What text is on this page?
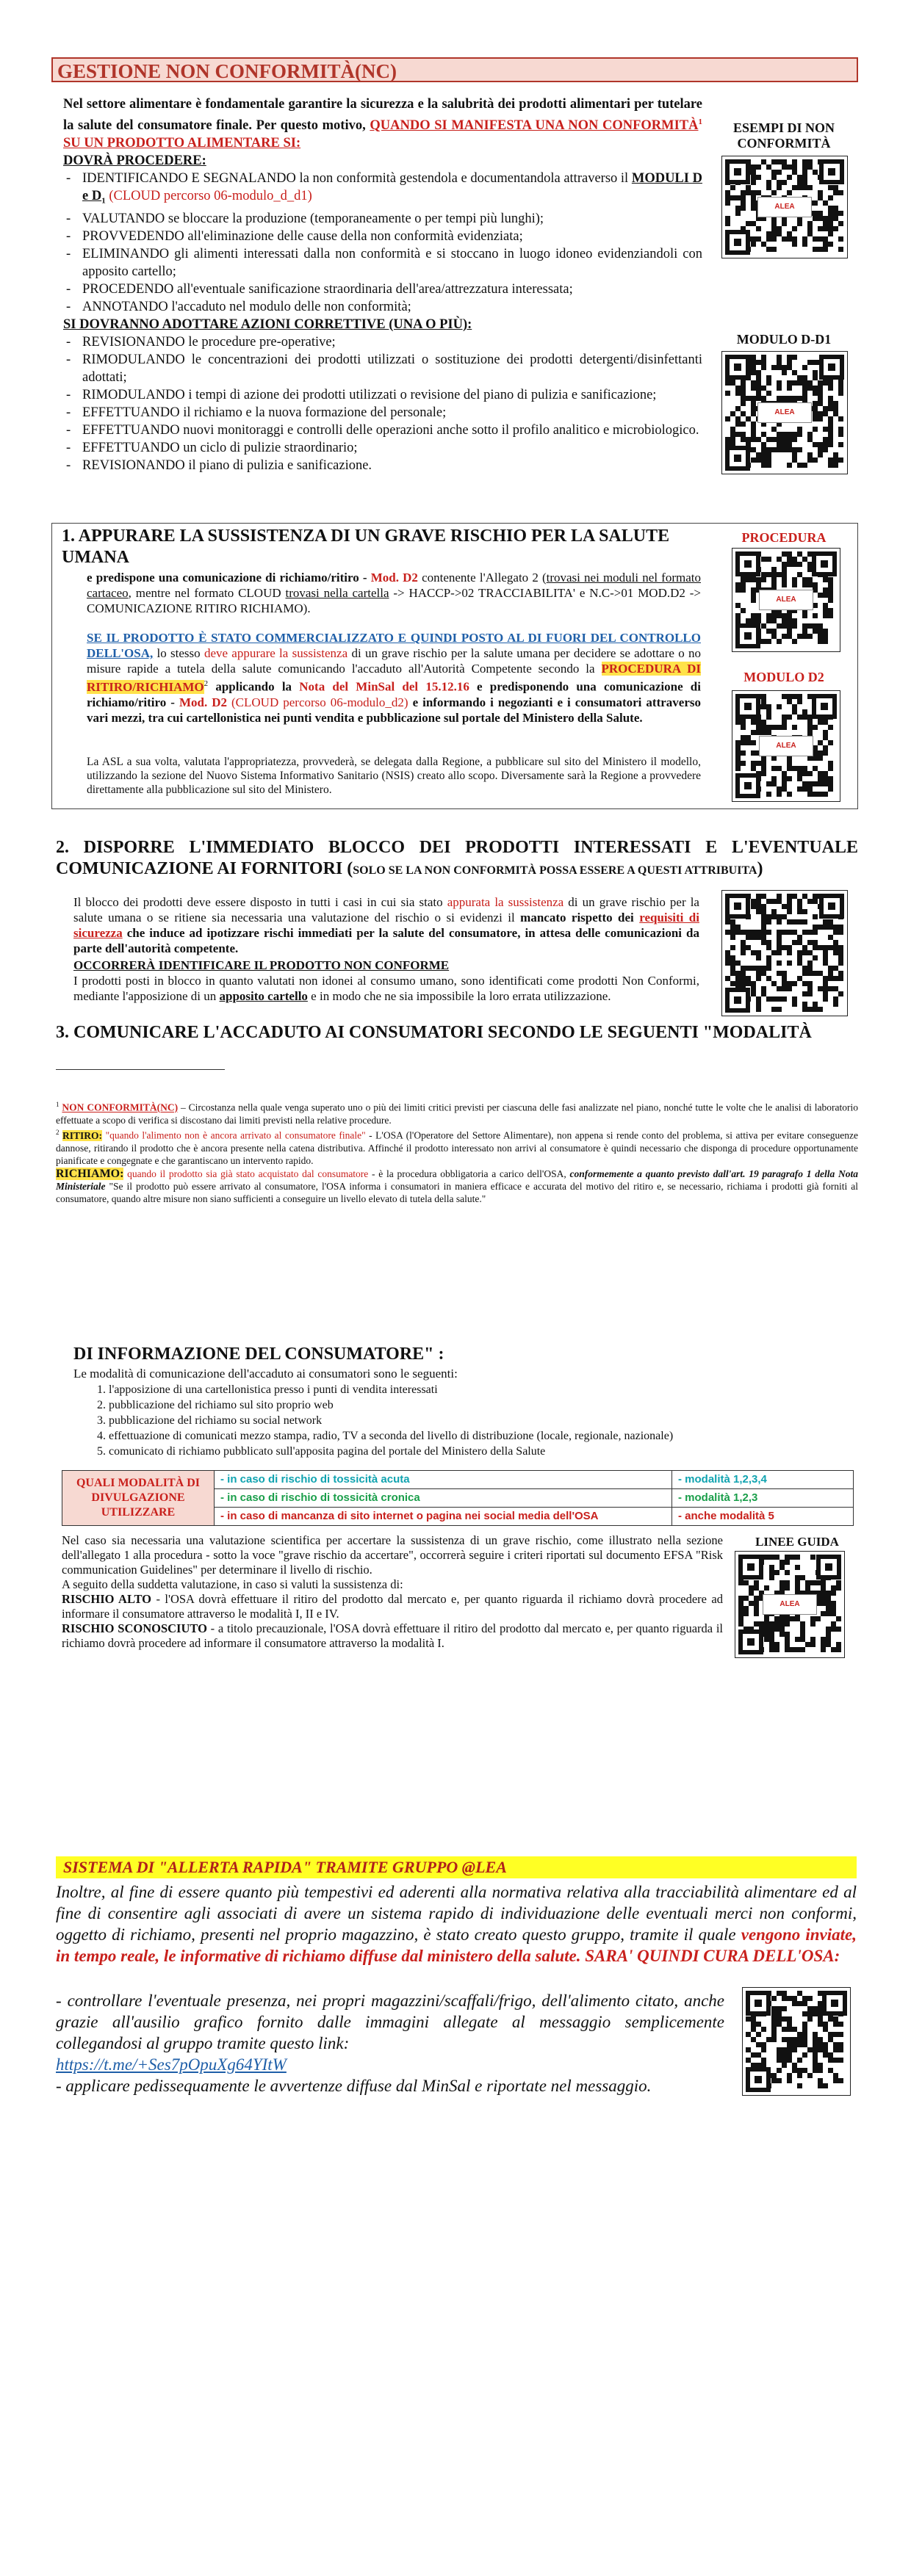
GESTIONE NON CONFORMITÀ(NC)

Nel settore alimentare è fondamentale garantire la sicurezza e la salubrità dei prodotti alimentari per tutelare la salute del consumatore finale. Per questo motivo, QUANDO SI MANIFESTA UNA NON CONFORMITÀ$^1$ SU UN PRODOTTO ALIMENTARE SI:

DOVRÀ PROCEDERE:

- IDENTIFICANDO E SEGNALANDO la non conformità gestendola e documentandola attraverso il MODULI D e $D_1$ (CLOUD percorso 06-modulo_d_d1)
- VALUTANDO se bloccare la produzione (temporaneamente o per tempi più lunghi);
- PROVVEDENDO all'eliminazione delle cause della non conformità evidenziata;
- ELIMINANDO gli alimenti interessati dalla non conformità e si stoccano in luogo idoneo evidenziandoli con apposito cartello;
- PROCEDENDO all'eventuale sanificazione straordinaria dell'area/attrezzatura interessata;
- ANNOTANDO l'accaduto nel modulo delle non conformità;

SI DOVRANNO ADOTTARE AZIONI CORRETTIVE (UNA O PIÙ):

- REVISIONANDO le procedure pre-operative;
- RIMODULANDO le concentrazioni dei prodotti utilizzati o sostituzione dei prodotti detergenti/disinfettanti adottati;
- RIMODULANDO i tempi di azione dei prodotti utilizzati o revisione del piano di pulizia e sanificazione;
- EFFETTUANDO il richiamo e la nuova formazione del personale;
- EFFETTUANDO nuovi monitoraggi e controlli delle operazioni anche sotto il profilo analitico e microbiologico.
- EFFETTUANDO un ciclo di pulizie straordinario;
- REVISIONANDO il piano di pulizia e sanificazione.
ESEMPI DI NON CONFORMITÀ
ALEA
MODULO D-D1
ALEA
1. APPURARE LA SUSSISTENZA DI UN GRAVE RISCHIO PER LA SALUTE UMANA
e predispone una comunicazione di richiamo/ritiro - Mod. D2 contenente l'Allegato 2 (trovasi nei moduli nel formato cartaceo, mentre nel formato CLOUD trovasi nella cartella -> HACCP->02 TRACCIABILITA' e N.C->01 MOD.D2 -> COMUNICAZIONE RITIRO RICHIAMO).
SE IL PRODOTTO È STATO COMMERCIALIZZATO E QUINDI POSTO AL DI FUORI DEL CONTROLLO DELL'OSA, lo stesso deve appurare la sussistenza di un grave rischio per la salute umana per decidere se adottare o no misure rapide a tutela della salute comunicando l'accaduto all'Autorità Competente secondo la PROCEDURA DI RITIRO/RICHIAMO$^2$ applicando la Nota del MinSal del 15.12.16 e predisponendo una comunicazione di richiamo/ritiro - Mod. D2 (CLOUD percorso 06-modulo_d2) e informando i negozianti e i consumatori attraverso vari mezzi, tra cui cartellonistica nei punti vendita e pubblicazione sul portale del Ministero della Salute.
La ASL a sua volta, valutata l'appropriatezza, provvederà, se delegata dalla Regione, a pubblicare sul sito del Ministero il modello, utilizzando la sezione del Nuovo Sistema Informativo Sanitario (NSIS) creato allo scopo. Diversamente sarà la Regione a provvedere direttamente alla pubblicazione sul sito del Ministero.
PROCEDURA
ALEA
MODULO D2
ALEA
2. DISPORRE L'IMMEDIATO BLOCCO DEI PRODOTTI INTERESSATI E L'EVENTUALE COMUNICAZIONE AI FORNITORI (SOLO SE LA NON CONFORMITÀ POSSA ESSERE A QUESTI ATTRIBUITA)
Il blocco dei prodotti deve essere disposto in tutti i casi in cui sia stato appurata la sussistenza di un grave rischio per la salute umana o se ritiene sia necessaria una valutazione del rischio o si evidenzi il mancato rispetto dei requisiti di sicurezza che induce ad ipotizzare rischi immediati per la salute del consumatore, in attesa delle comunicazioni da parte dell'autorità competente.
OCCORRERÀ IDENTIFICARE IL PRODOTTO NON CONFORME
I prodotti posti in blocco in quanto valutati non idonei al consumo umano, sono identificati come prodotti Non Conformi, mediante l'apposizione di un apposito cartello e in modo che ne sia impossibile la loro errata utilizzazione.
3. COMUNICARE L'ACCADUTO AI CONSUMATORI SECONDO LE SEGUENTI "MODALITÀ
$^1$ NON CONFORMITÀ(NC) – Circostanza nella quale venga superato uno o più dei limiti critici previsti per ciascuna delle fasi analizzate nel piano, nonché tutte le volte che le analisi di laboratorio effettuate a scopo di verifica si discostano dai limiti previsti nella relative procedure.
$^2$ RITIRO: "quando l'alimento non è ancora arrivato al consumatore finale" - L'OSA (l'Operatore del Settore Alimentare), non appena si rende conto del problema, si attiva per evitare conseguenze dannose, ritirando il prodotto che è ancora presente nella catena distributiva. Affinché il prodotto interessato non arrivi al consumatore è quindi necessario che disponga di procedure opportunamente pianificate e congegnate e che garantiscano un intervento rapido.
RICHIAMO: quando il prodotto sia già stato acquistato dal consumatore - è la procedura obbligatoria a carico dell'OSA, conformemente a quanto previsto dall'art. 19 paragrafo 1 della Nota Ministeriale "Se il prodotto può essere arrivato al consumatore, l'OSA informa i consumatori in maniera efficace e accurata del motivo del ritiro e, se necessario, richiama i prodotti già forniti al consumatore, quando altre misure non siano sufficienti a conseguire un livello elevato di tutela della salute."
DI INFORMAZIONE DEL CONSUMATORE" :
Le modalità di comunicazione dell'accaduto ai consumatori sono le seguenti:
1. l'apposizione di una cartellonistica presso i punti di vendita interessati
2. pubblicazione del richiamo sul sito proprio web
3. pubblicazione del richiamo su social network
4. effettuazione di comunicati mezzo stampa, radio, TV a seconda del livello di distribuzione (locale, regionale, nazionale)
5. comunicato di richiamo pubblicato sull'apposita pagina del portale del Ministero della Salute
QUALI MODALITÀ DI DIVULGAZIONE UTILIZZARE	- in caso di rischio di tossicità acuta	- modalità 1,2,3,4
	- in caso di rischio di tossicità cronica	- modalità 1,2,3
	- in caso di mancanza di sito internet o pagina nei social media dell'OSA	- anche modalità 5

Nel caso sia necessaria una valutazione scientifica per accertare la sussistenza di un grave rischio, come illustrato nella sezione dell'allegato 1 alla procedura - sotto la voce "grave rischio da accertare", occorrerà seguire i criteri riportati sul documento EFSA "Risk communication Guidelines" per determinare il livello di rischio.

A seguito della suddetta valutazione, in caso si valuti la sussistenza di:

RISCHIO ALTO - l'OSA dovrà effettuare il ritiro del prodotto dal mercato e, per quanto riguarda il richiamo dovrà procedere ad informare il consumatore attraverso le modalità I, II e IV.

RISCHIO SCONOSCIUTO - a titolo precauzionale, l'OSA dovrà effettuare il ritiro del prodotto dal mercato e, per quanto riguarda il richiamo dovrà procedere ad informare il consumatore attraverso la modalità I.

LINEE GUIDA
ALEA
SISTEMA DI "ALLERTA RAPIDA" TRAMITE GRUPPO @LEA
Inoltre, al fine di essere quanto più tempestivi ed aderenti alla normativa relativa alla tracciabilità alimentare ed al fine di consentire agli associati di avere un sistema rapido di individuazione delle eventuali merci non conformi, oggetto di richiamo, presenti nel proprio magazzino, è stato creato questo gruppo, tramite il quale vengono inviate, in tempo reale, le informative di richiamo diffuse dal ministero della salute. SARA' QUINDI CURA DELL'OSA:

- controllare l'eventuale presenza, nei propri magazzini/scaffali/frigo, dell'alimento citato, anche grazie all'ausilio grafico fornito dalle immagini allegate al messaggio semplicemente collegandosi al gruppo tramite questo link:
https://t.me/+Ses7pOpuXg64YItW

- applicare pedissequamente le avvertenze diffuse dal MinSal e riportate nel messaggio.
